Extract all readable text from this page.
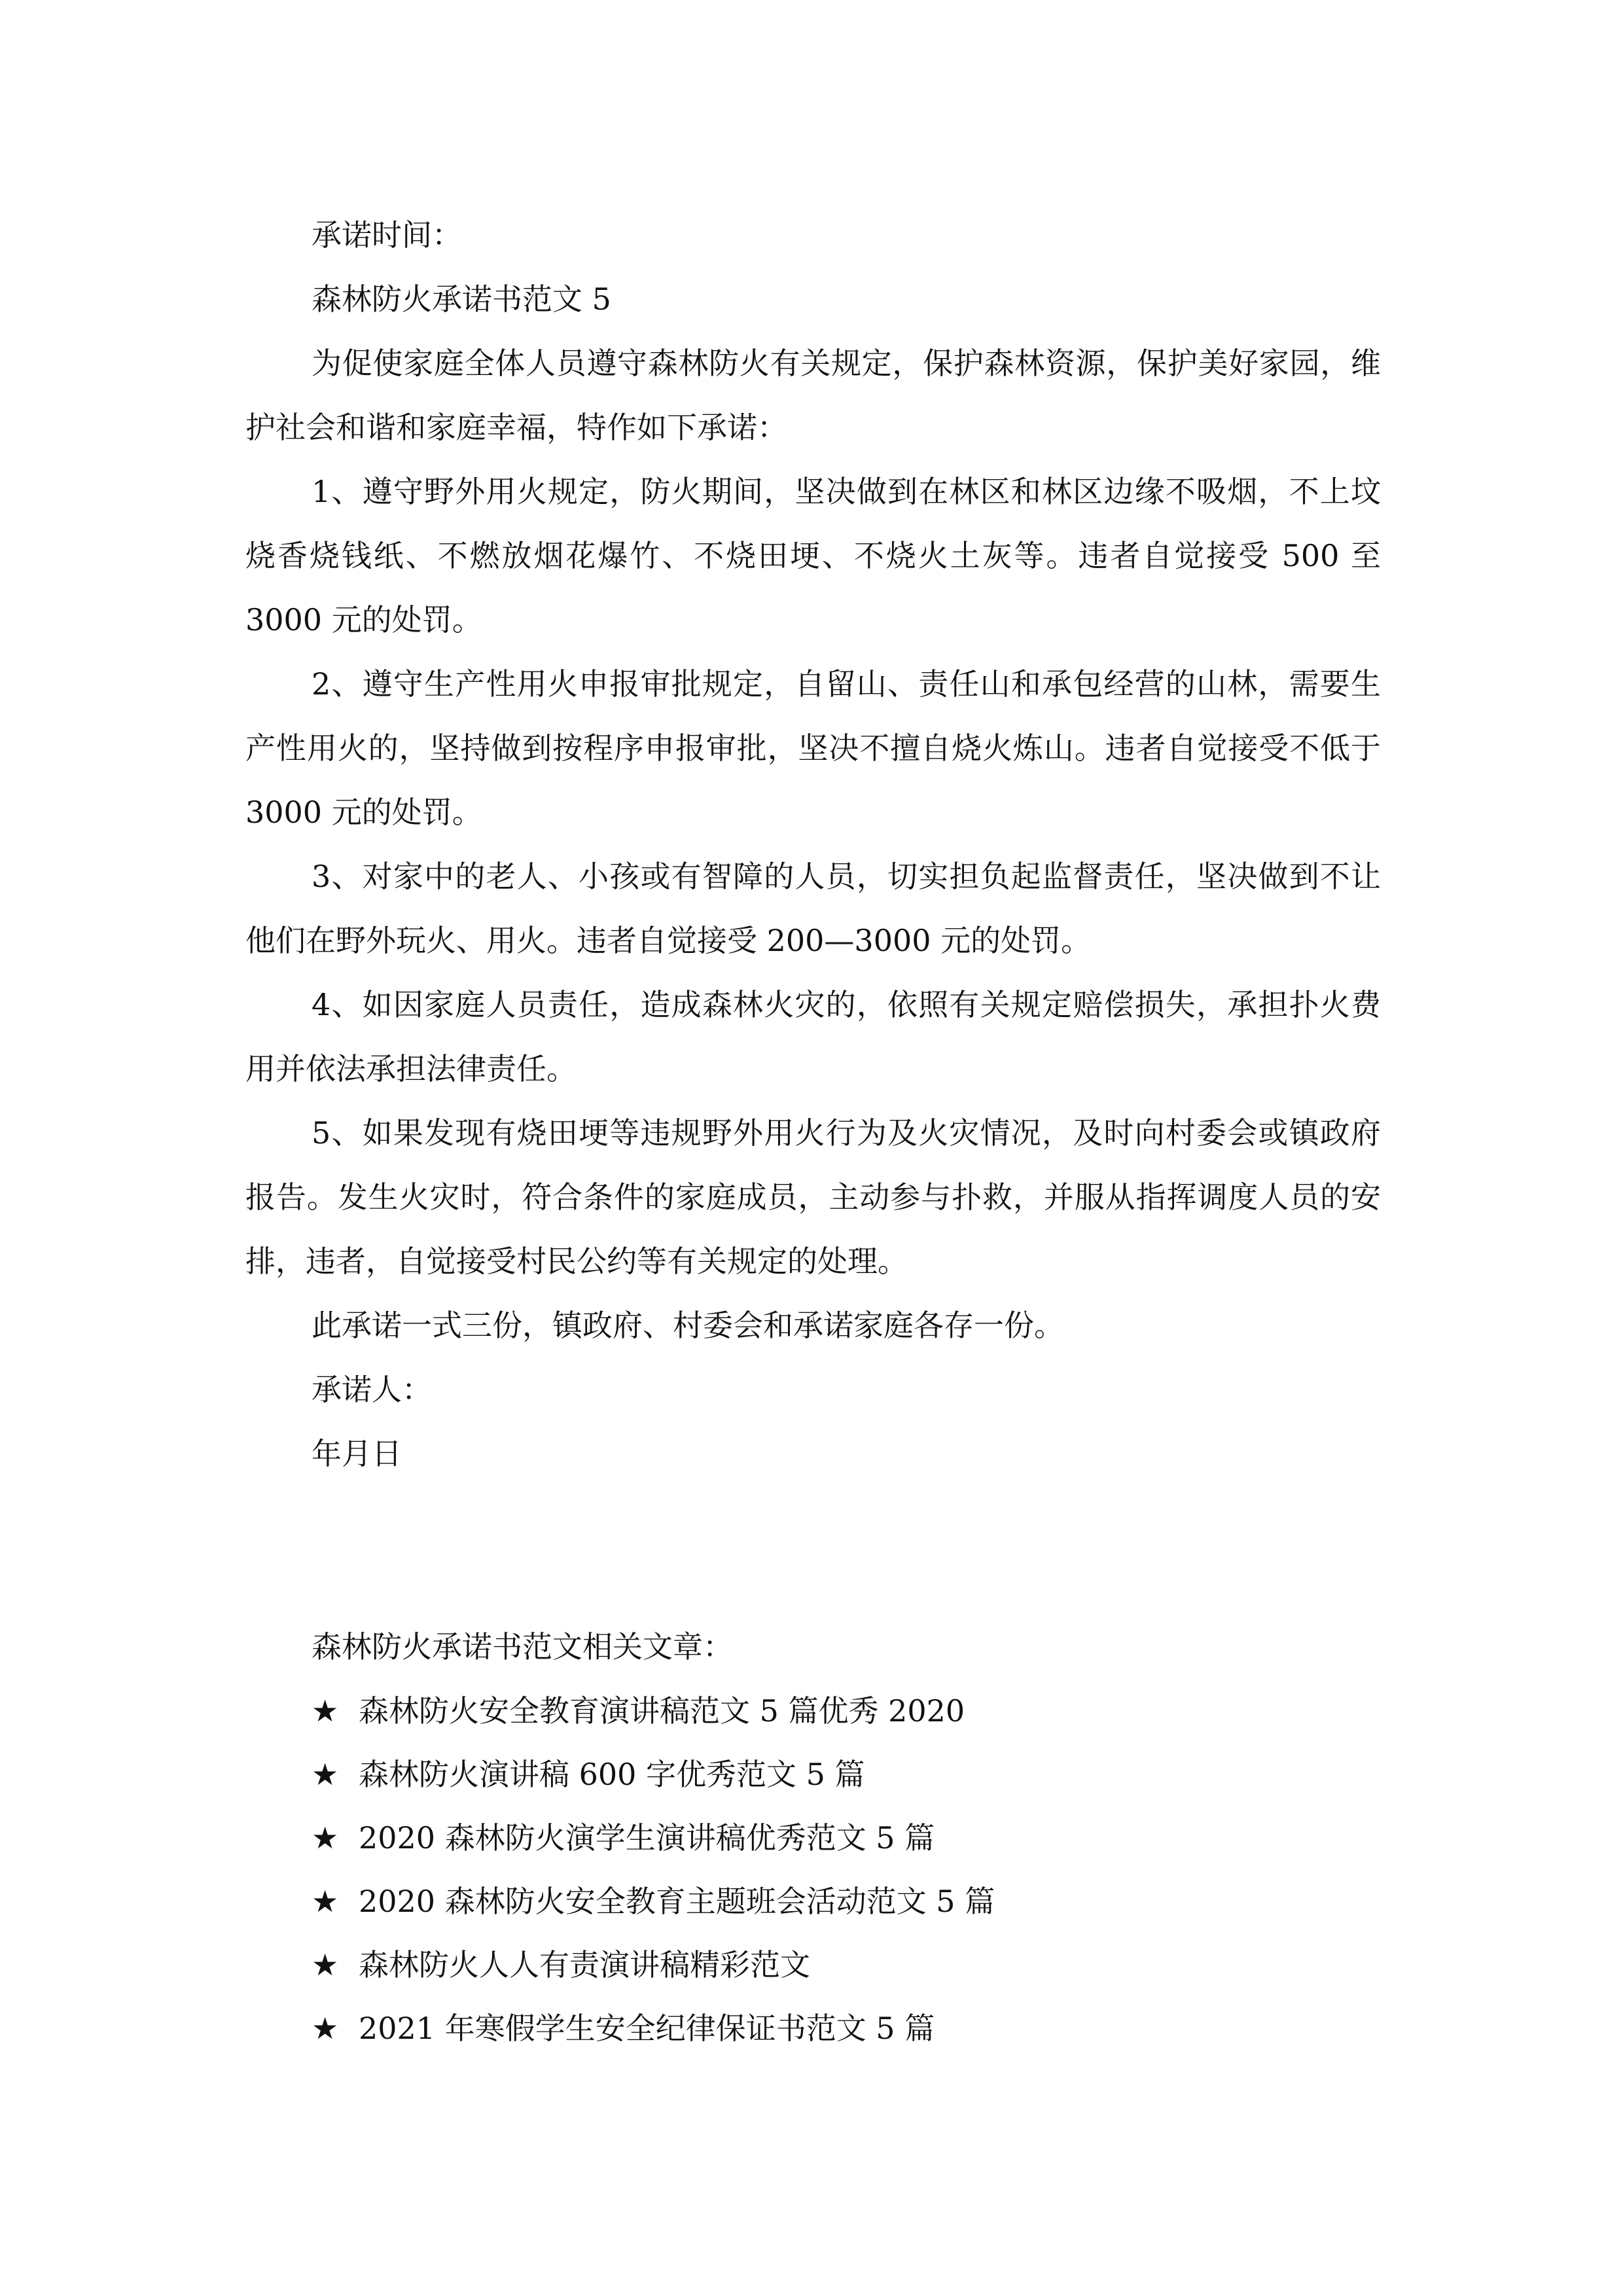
承诺时间：
森林防火承诺书范文 5

为促使家庭全体人员遵守森林防火有关规定，保护森林资源，保护美好家园，维护社会和谐和家庭幸福，特作如下承诺：

1、遵守野外用火规定，防火期间，坚决做到在林区和林区边缘不吸烟，不上坟烧香烧钱纸、不燃放烟花爆竹、不烧田埂、不烧火土灰等。违者自觉接受 500 至 3000 元的处罚。

2、遵守生产性用火申报审批规定，自留山、责任山和承包经营的山林，需要生产性用火的，坚持做到按程序申报审批，坚决不擅自烧火炼山。违者自觉接受不低于 3000 元的处罚。

3、对家中的老人、小孩或有智障的人员，切实担负起监督责任，坚决做到不让他们在野外玩火、用火。违者自觉接受 200—3000 元的处罚。

4、如因家庭人员责任，造成森林火灾的，依照有关规定赔偿损失，承担扑火费用并依法承担法律责任。

5、如果发现有烧田埂等违规野外用火行为及火灾情况，及时向村委会或镇政府报告。发生火灾时，符合条件的家庭成员，主动参与扑救，并服从指挥调度人员的安排，违者，自觉接受村民公约等有关规定的处理。

此承诺一式三份，镇政府、村委会和承诺家庭各存一份。
承诺人：
年月日
森林防火承诺书范文相关文章：
★ 森林防火安全教育演讲稿范文 5 篇优秀 2020
★ 森林防火演讲稿 600 字优秀范文 5 篇
★ 2020 森林防火演学生演讲稿优秀范文 5 篇
★ 2020 森林防火安全教育主题班会活动范文 5 篇
★ 森林防火人人有责演讲稿精彩范文
★ 2021 年寒假学生安全纪律保证书范文 5 篇
